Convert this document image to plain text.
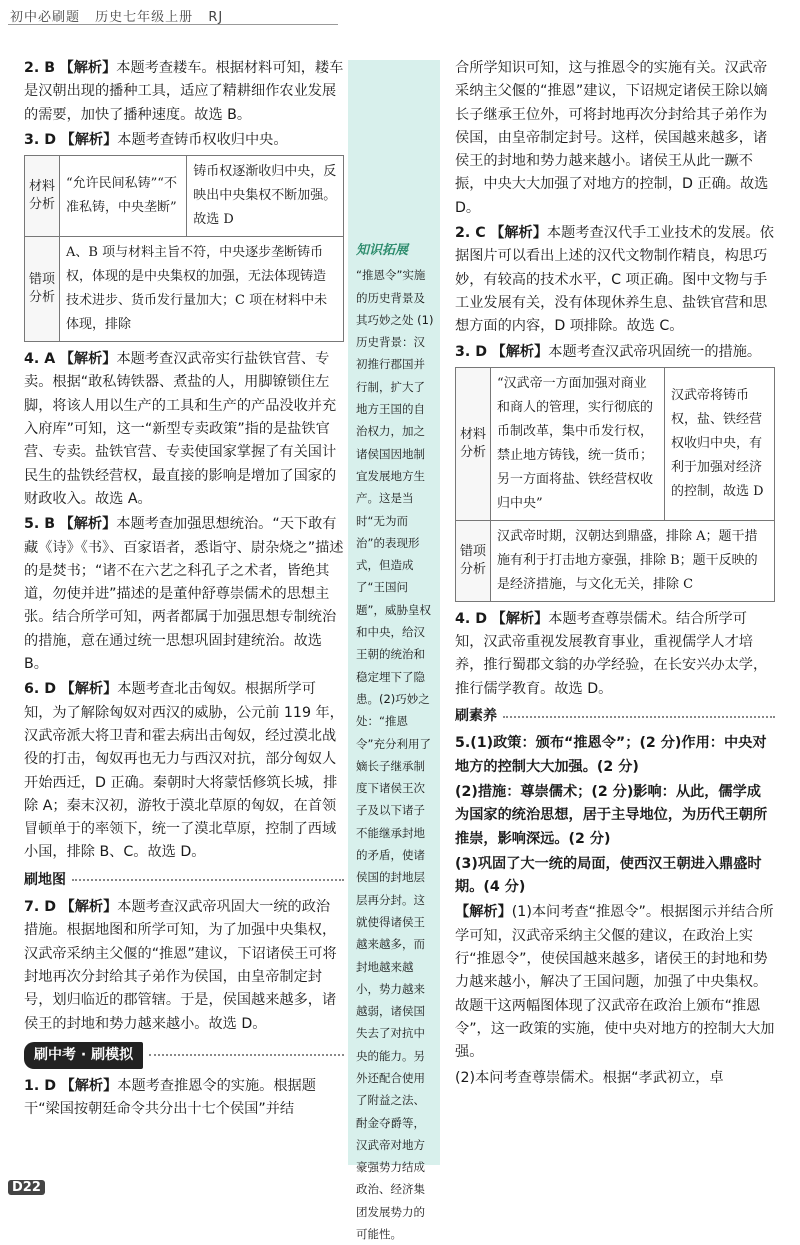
初中必刷题 历史七年级上册 RJ

2. B 【解析】本题考查耧车。根据材料可知，耧车是汉朝出现的播种工具，适应了精耕细作农业发展的需要，加快了播种速度。故选 B。

3. D 【解析】本题考查铸币权收归中央。

材料分析	“允许民间私铸”“不准私铸，中央垄断”	铸币权逐渐收归中央，反映出中央集权不断加强。故选 D
错项分析	A、B 项与材料主旨不符，中央逐步垄断铸币权，体现的是中央集权的加强，无法体现铸造技术进步、货币发行量加大；C 项在材料中未体现，排除	

4. A 【解析】本题考查汉武帝实行盐铁官营、专卖。根据“敢私铸铁器、煮盐的人，用脚镣锁住左脚，将该人用以生产的工具和生产的产品没收并充入府库”可知，这一“新型专卖政策”指的是盐铁官营、专卖。盐铁官营、专卖使国家掌握了有关国计民生的盐铁经营权，最直接的影响是增加了国家的财政收入。故选 A。

5. B 【解析】本题考查加强思想统治。“天下敢有藏《诗》《书》、百家语者，悉诣守、尉杂烧之”描述的是焚书；“诸不在六艺之科孔子之术者，皆绝其道，勿使并进”描述的是董仲舒尊崇儒术的思想主张。结合所学可知，两者都属于加强思想专制统治的措施，意在通过统一思想巩固封建统治。故选 B。

6. D 【解析】本题考查北击匈奴。根据所学可知，为了解除匈奴对西汉的威胁，公元前 119 年，汉武帝派大将卫青和霍去病出击匈奴，经过漠北战役的打击，匈奴再也无力与西汉对抗，部分匈奴人开始西迁，D 正确。秦朝时大将蒙恬修筑长城，排除 A；秦末汉初，游牧于漠北草原的匈奴，在首领冒顿单于的率领下，统一了漠北草原，控制了西域小国，排除 B、C。故选 D。

刷地图

7. D 【解析】本题考查汉武帝巩固大一统的政治措施。根据地图和所学可知，为了加强中央集权，汉武帝采纳主父偃的“推恩”建议，下诏诸侯王可将封地再次分封给其子弟作为侯国，由皇帝制定封号，划归临近的郡管辖。于是，侯国越来越多，诸侯王的封地和势力越来越小。故选 D。

刷中考 · 刷模拟

1. D 【解析】本题考查推恩令的实施。根据题干“梁国按朝廷命令共分出十七个侯国”并结

知识拓展
“推恩令”实施的历史背景及其巧妙之处 (1)历史背景：汉初推行郡国并行制，扩大了地方王国的自治权力，加之诸侯国因地制宜发展地方生产。这是当时“无为而治”的表现形式，但造成了“王国问题”，威胁皇权和中央，给汉王朝的统治和稳定埋下了隐患。(2)巧妙之处：“推恩令”充分利用了嫡长子继承制度下诸侯王次子及以下诸子不能继承封地的矛盾，使诸侯国的封地层层再分封。这就使得诸侯王越来越多，而封地越来越小，势力越来越弱，诸侯国失去了对抗中央的能力。另外还配合使用了附益之法、酎金夺爵等，汉武帝对地方豪强势力结成政治、经济集团发展势力的可能性。

合所学知识可知，这与推恩令的实施有关。汉武帝采纳主父偃的“推恩”建议，下诏规定诸侯王除以嫡长子继承王位外，可将封地再次分封给其子弟作为侯国，由皇帝制定封号。这样，侯国越来越多，诸侯王的封地和势力越来越小。诸侯王从此一蹶不振，中央大大加强了对地方的控制，D 正确。故选 D。

2. C 【解析】本题考查汉代手工业技术的发展。依据图片可以看出上述的汉代文物制作精良，构思巧妙，有较高的技术水平，C 项正确。图中文物与手工业发展有关，没有体现休养生息、盐铁官营和思想方面的内容，D 项排除。故选 C。

3. D 【解析】本题考查汉武帝巩固统一的措施。

材料分析	“汉武帝一方面加强对商业和商人的管理，实行彻底的币制改革，集中币发行权，禁止地方铸钱，统一货币；另一方面将盐、铁经营权收归中央”	汉武帝将铸币权，盐、铁经营权收归中央，有利于加强对经济的控制，故选 D
错项分析	汉武帝时期，汉朝达到鼎盛，排除 A；题干措施有利于打击地方豪强，排除 B；题干反映的是经济措施，与文化无关，排除 C	

4. D 【解析】本题考查尊崇儒术。结合所学可知，汉武帝重视发展教育事业，重视儒学人才培养，推行蜀郡文翁的办学经验，在长安兴办太学，推行儒学教育。故选 D。

刷素养

5.(1)政策：颁布“推恩令”；(2 分)作用：中央对地方的控制大大加强。(2 分)

(2)措施：尊崇儒术；(2 分)影响：从此，儒学成为国家的统治思想，居于主导地位，为历代王朝所推崇，影响深远。(2 分)

(3)巩固了大一统的局面，使西汉王朝进入鼎盛时期。(4 分)

【解析】(1)本问考查“推恩令”。根据图示并结合所学可知，汉武帝采纳主父偃的建议，在政治上实行“推恩令”，使侯国越来越多，诸侯王的封地和势力越来越小，解决了王国问题，加强了中央集权。故题干这两幅图体现了汉武帝在政治上颁布“推恩令”，这一政策的实施，使中央对地方的控制大大加强。

(2)本问考查尊崇儒术。根据“孝武初立，卓

D22
